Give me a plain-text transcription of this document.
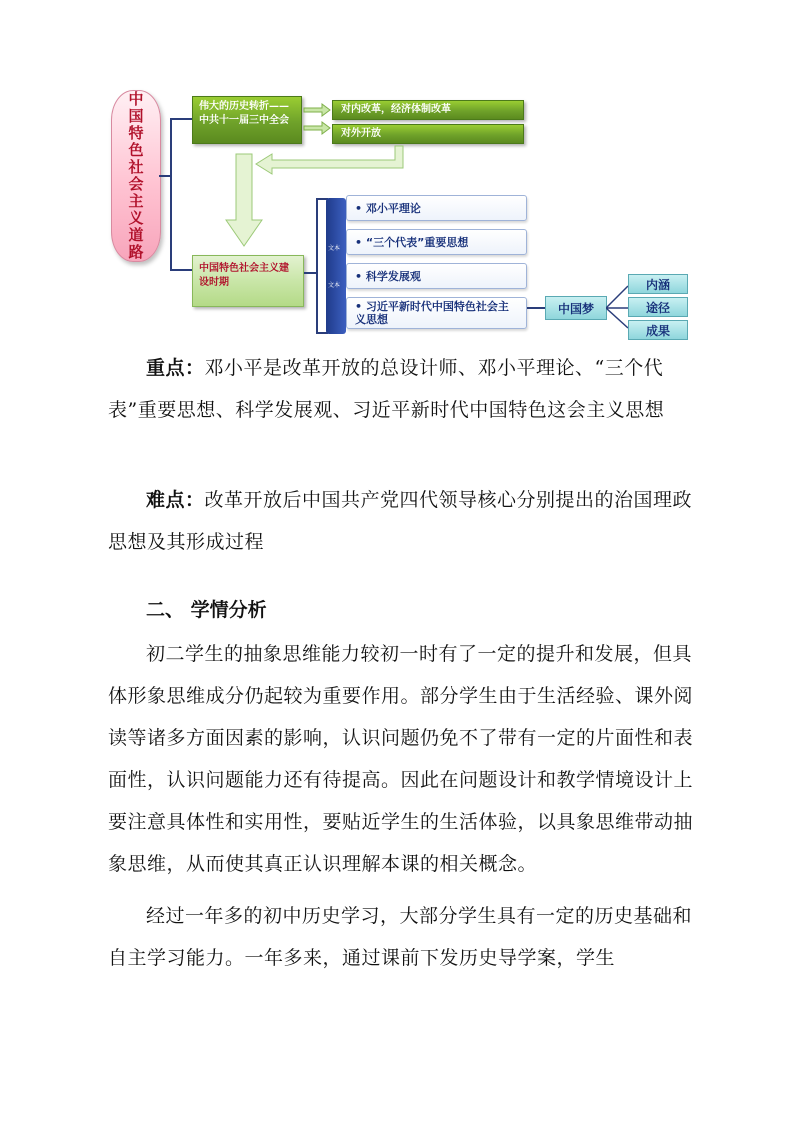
中国特色社会主义道路	伟大的历史转折——中共十一届三中全会
对内改革，经济体制改革
对外开放
中国特色社会主义建设时期
文本
文本
• 邓小平理论
• “三个代表”重要思想
• 科学发展观
• 习近平新时代中国特色社会主义思想
中国梦
内涵
途径
成果
重点：邓小平是改革开放的总设计师、邓小平理论、“三个代表”重要思想、科学发展观、习近平新时代中国特色这会主义思想
难点：改革开放后中国共产党四代领导核心分别提出的治国理政思想及其形成过程
二、 学情分析
初二学生的抽象思维能力较初一时有了一定的提升和发展，但具体形象思维成分仍起较为重要作用。部分学生由于生活经验、课外阅读等诸多方面因素的影响，认识问题仍免不了带有一定的片面性和表面性，认识问题能力还有待提高。因此在问题设计和教学情境设计上要注意具体性和实用性，要贴近学生的生活体验，以具象思维带动抽象思维，从而使其真正认识理解本课的相关概念。
经过一年多的初中历史学习，大部分学生具有一定的历史基础和自主学习能力。一年多来，通过课前下发历史导学案，学生
